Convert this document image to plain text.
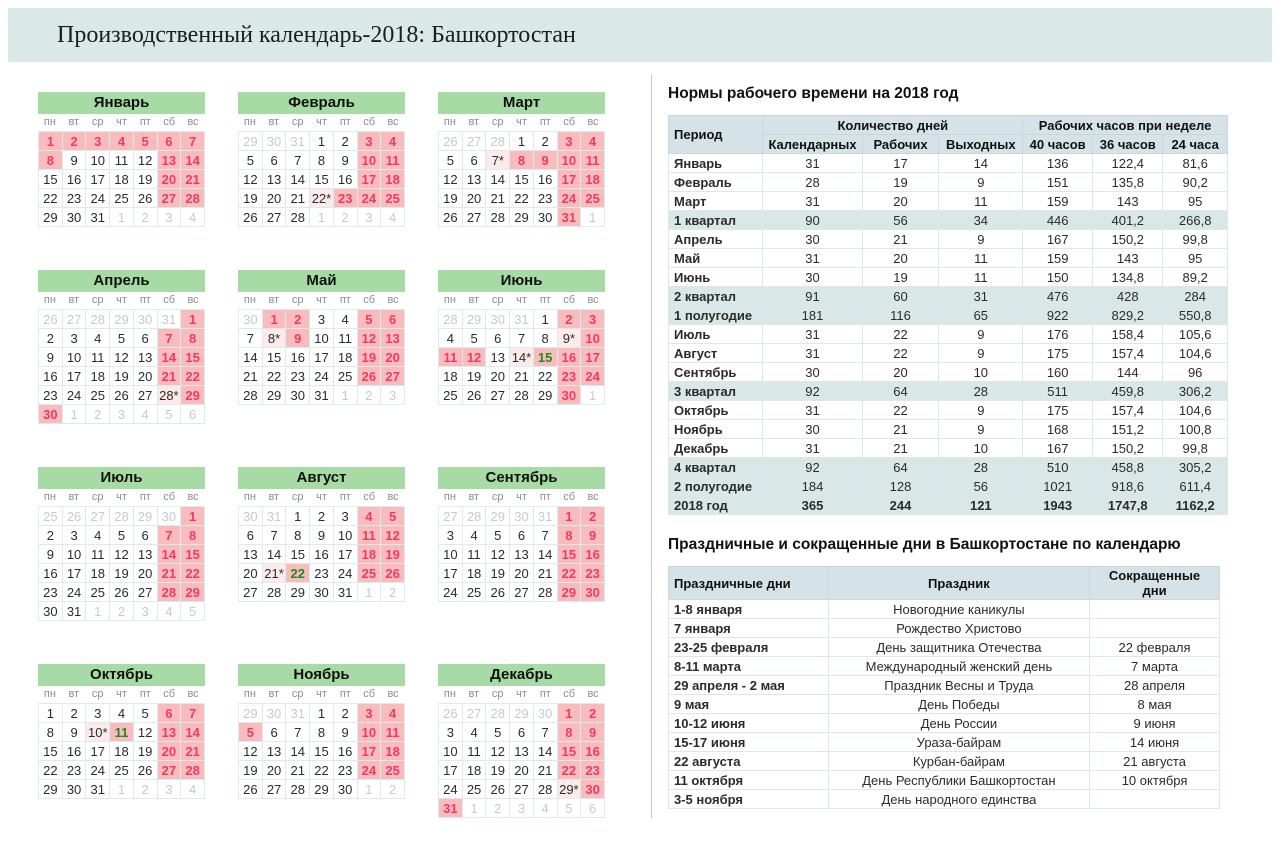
Производственный календарь-2018: Башкортостан
Январь
пн	вт	ср	чт	пт	сб	вс
1	2	3	4	5	6	7
8	9	10	11	12	13	14
15	16	17	18	19	20	21
22	23	24	25	26	27	28
29	30	31	1	2	3	4
Февраль
пн	вт	ср	чт	пт	сб	вс
29	30	31	1	2	3	4
5	6	7	8	9	10	11
12	13	14	15	16	17	18
19	20	21	22*	23	24	25
26	27	28	1	2	3	4
Март
пн	вт	ср	чт	пт	сб	вс
26	27	28	1	2	3	4
5	6	7*	8	9	10	11
12	13	14	15	16	17	18
19	20	21	22	23	24	25
26	27	28	29	30	31	1
Апрель
пн	вт	ср	чт	пт	сб	вс
26	27	28	29	30	31	1
2	3	4	5	6	7	8
9	10	11	12	13	14	15
16	17	18	19	20	21	22
23	24	25	26	27	28*	29
30	1	2	3	4	5	6
Май
пн	вт	ср	чт	пт	сб	вс
30	1	2	3	4	5	6
7	8*	9	10	11	12	13
14	15	16	17	18	19	20
21	22	23	24	25	26	27
28	29	30	31	1	2	3
Июнь
пн	вт	ср	чт	пт	сб	вс
28	29	30	31	1	2	3
4	5	6	7	8	9*	10
11	12	13	14*	15	16	17
18	19	20	21	22	23	24
25	26	27	28	29	30	1
Июль
пн	вт	ср	чт	пт	сб	вс
25	26	27	28	29	30	1
2	3	4	5	6	7	8
9	10	11	12	13	14	15
16	17	18	19	20	21	22
23	24	25	26	27	28	29
30	31	1	2	3	4	5
Август
пн	вт	ср	чт	пт	сб	вс
30	31	1	2	3	4	5
6	7	8	9	10	11	12
13	14	15	16	17	18	19
20	21*	22	23	24	25	26
27	28	29	30	31	1	2
Сентябрь
пн	вт	ср	чт	пт	сб	вс
27	28	29	30	31	1	2
3	4	5	6	7	8	9
10	11	12	13	14	15	16
17	18	19	20	21	22	23
24	25	26	27	28	29	30
Октябрь
пн	вт	ср	чт	пт	сб	вс
1	2	3	4	5	6	7
8	9	10*	11	12	13	14
15	16	17	18	19	20	21
22	23	24	25	26	27	28
29	30	31	1	2	3	4
Ноябрь
пн	вт	ср	чт	пт	сб	вс
29	30	31	1	2	3	4
5	6	7	8	9	10	11
12	13	14	15	16	17	18
19	20	21	22	23	24	25
26	27	28	29	30	1	2
Декабрь
пн	вт	ср	чт	пт	сб	вс
26	27	28	29	30	1	2
3	4	5	6	7	8	9
10	11	12	13	14	15	16
17	18	19	20	21	22	23
24	25	26	27	28	29*	30
31	1	2	3	4	5	6
Нормы рабочего времени на 2018 год
Период	Количество дней			Рабочих часов при неделе		
	Календарных	Рабочих	Выходных	40 часов	36 часов	24 часа
Январь	31	17	14	136	122,4	81,6
Февраль	28	19	9	151	135,8	90,2
Март	31	20	11	159	143	95
1 квартал	90	56	34	446	401,2	266,8
Апрель	30	21	9	167	150,2	99,8
Май	31	20	11	159	143	95
Июнь	30	19	11	150	134,8	89,2
2 квартал	91	60	31	476	428	284
1 полугодие	181	116	65	922	829,2	550,8
Июль	31	22	9	176	158,4	105,6
Август	31	22	9	175	157,4	104,6
Сентябрь	30	20	10	160	144	96
3 квартал	92	64	28	511	459,8	306,2
Октябрь	31	22	9	175	157,4	104,6
Ноябрь	30	21	9	168	151,2	100,8
Декабрь	31	21	10	167	150,2	99,8
4 квартал	92	64	28	510	458,8	305,2
2 полугодие	184	128	56	1021	918,6	611,4
2018 год	365	244	121	1943	1747,8	1162,2
Праздничные и сокращенные дни в Башкортостане по календарю
Праздничные дни	Праздник	Сокращенные дни
1-8 января	Новогодние каникулы	
7 января	Рождество Христово	
23-25 февраля	День защитника Отечества	22 февраля
8-11 марта	Международный женский день	7 марта
29 апреля - 2 мая	Праздник Весны и Труда	28 апреля
9 мая	День Победы	8 мая
10-12 июня	День России	9 июня
15-17 июня	Ураза-байрам	14 июня
22 августа	Курбан-байрам	21 августа
11 октября	День Республики Башкортостан	10 октября
3-5 ноября	День народного единства	
